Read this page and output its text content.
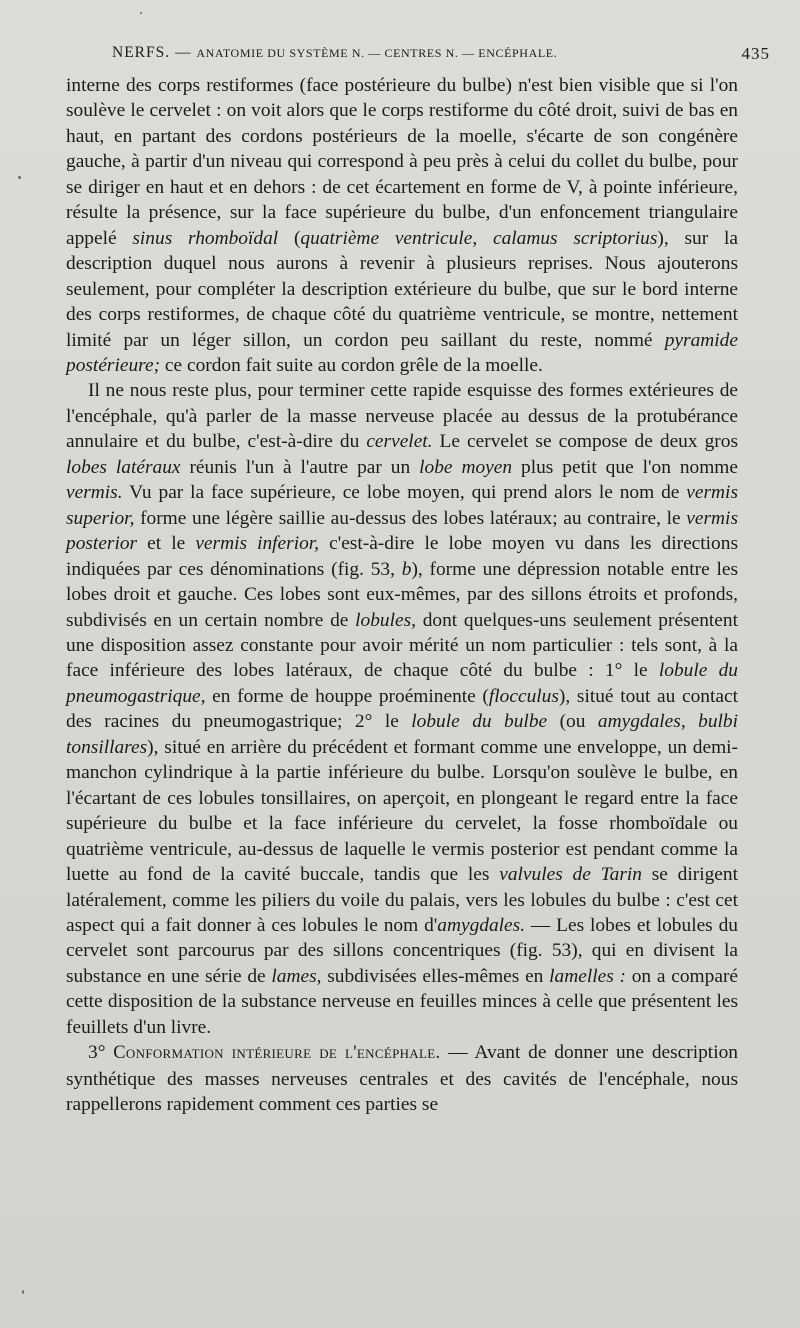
NERFS. — ANATOMIE DU SYSTÈME N. — CENTRES N. — ENCÉPHALE.	435

interne des corps restiformes (face postérieure du bulbe) n'est bien visible que si l'on soulève le cervelet : on voit alors que le corps restiforme du côté droit, suivi de bas en haut, en partant des cordons postérieurs de la moelle, s'écarte de son congénère gauche, à partir d'un niveau qui correspond à peu près à celui du collet du bulbe, pour se diriger en haut et en dehors : de cet écartement en forme de V, à pointe inférieure, résulte la présence, sur la face supérieure du bulbe, d'un enfoncement triangulaire appelé sinus rhomboïdal (quatrième ventricule, calamus scriptorius), sur la description duquel nous aurons à revenir à plusieurs reprises. Nous ajouterons seulement, pour compléter la description extérieure du bulbe, que sur le bord interne des corps restiformes, de chaque côté du quatrième ventricule, se montre, nettement limité par un léger sillon, un cordon peu saillant du reste, nommé pyramide postérieure; ce cordon fait suite au cordon grêle de la moelle.

Il ne nous reste plus, pour terminer cette rapide esquisse des formes extérieures de l'encéphale, qu'à parler de la masse nerveuse placée au dessus de la protubérance annulaire et du bulbe, c'est-à-dire du cervelet. Le cervelet se compose de deux gros lobes latéraux réunis l'un à l'autre par un lobe moyen plus petit que l'on nomme vermis. Vu par la face supérieure, ce lobe moyen, qui prend alors le nom de vermis superior, forme une légère saillie au-dessus des lobes latéraux; au contraire, le vermis posterior et le vermis inferior, c'est-à-dire le lobe moyen vu dans les directions indiquées par ces dénominations (fig. 53, b), forme une dépression notable entre les lobes droit et gauche. Ces lobes sont eux-mêmes, par des sillons étroits et profonds, subdivisés en un certain nombre de lobules, dont quelques-uns seulement présentent une disposition assez constante pour avoir mérité un nom particulier : tels sont, à la face inférieure des lobes latéraux, de chaque côté du bulbe : 1° le lobule du pneumogastrique, en forme de houppe proéminente (flocculus), situé tout au contact des racines du pneumogastrique; 2° le lobule du bulbe (ou amygdales, bulbi tonsillares), situé en arrière du précédent et formant comme une enveloppe, un demi-manchon cylindrique à la partie inférieure du bulbe. Lorsqu'on soulève le bulbe, en l'écartant de ces lobules tonsillaires, on aperçoit, en plongeant le regard entre la face supérieure du bulbe et la face inférieure du cervelet, la fosse rhomboïdale ou quatrième ventricule, au-dessus de laquelle le vermis posterior est pendant comme la luette au fond de la cavité buccale, tandis que les valvules de Tarin se dirigent latéralement, comme les piliers du voile du palais, vers les lobules du bulbe : c'est cet aspect qui a fait donner à ces lobules le nom d'amygdales. — Les lobes et lobules du cervelet sont parcourus par des sillons concentriques (fig. 53), qui en divisent la substance en une série de lames, subdivisées elles-mêmes en lamelles : on a comparé cette disposition de la substance nerveuse en feuilles minces à celle que présentent les feuillets d'un livre.

3° Conformation intérieure de l'encéphale. — Avant de donner une description synthétique des masses nerveuses centrales et des cavités de l'encéphale, nous rappellerons rapidement comment ces parties se
